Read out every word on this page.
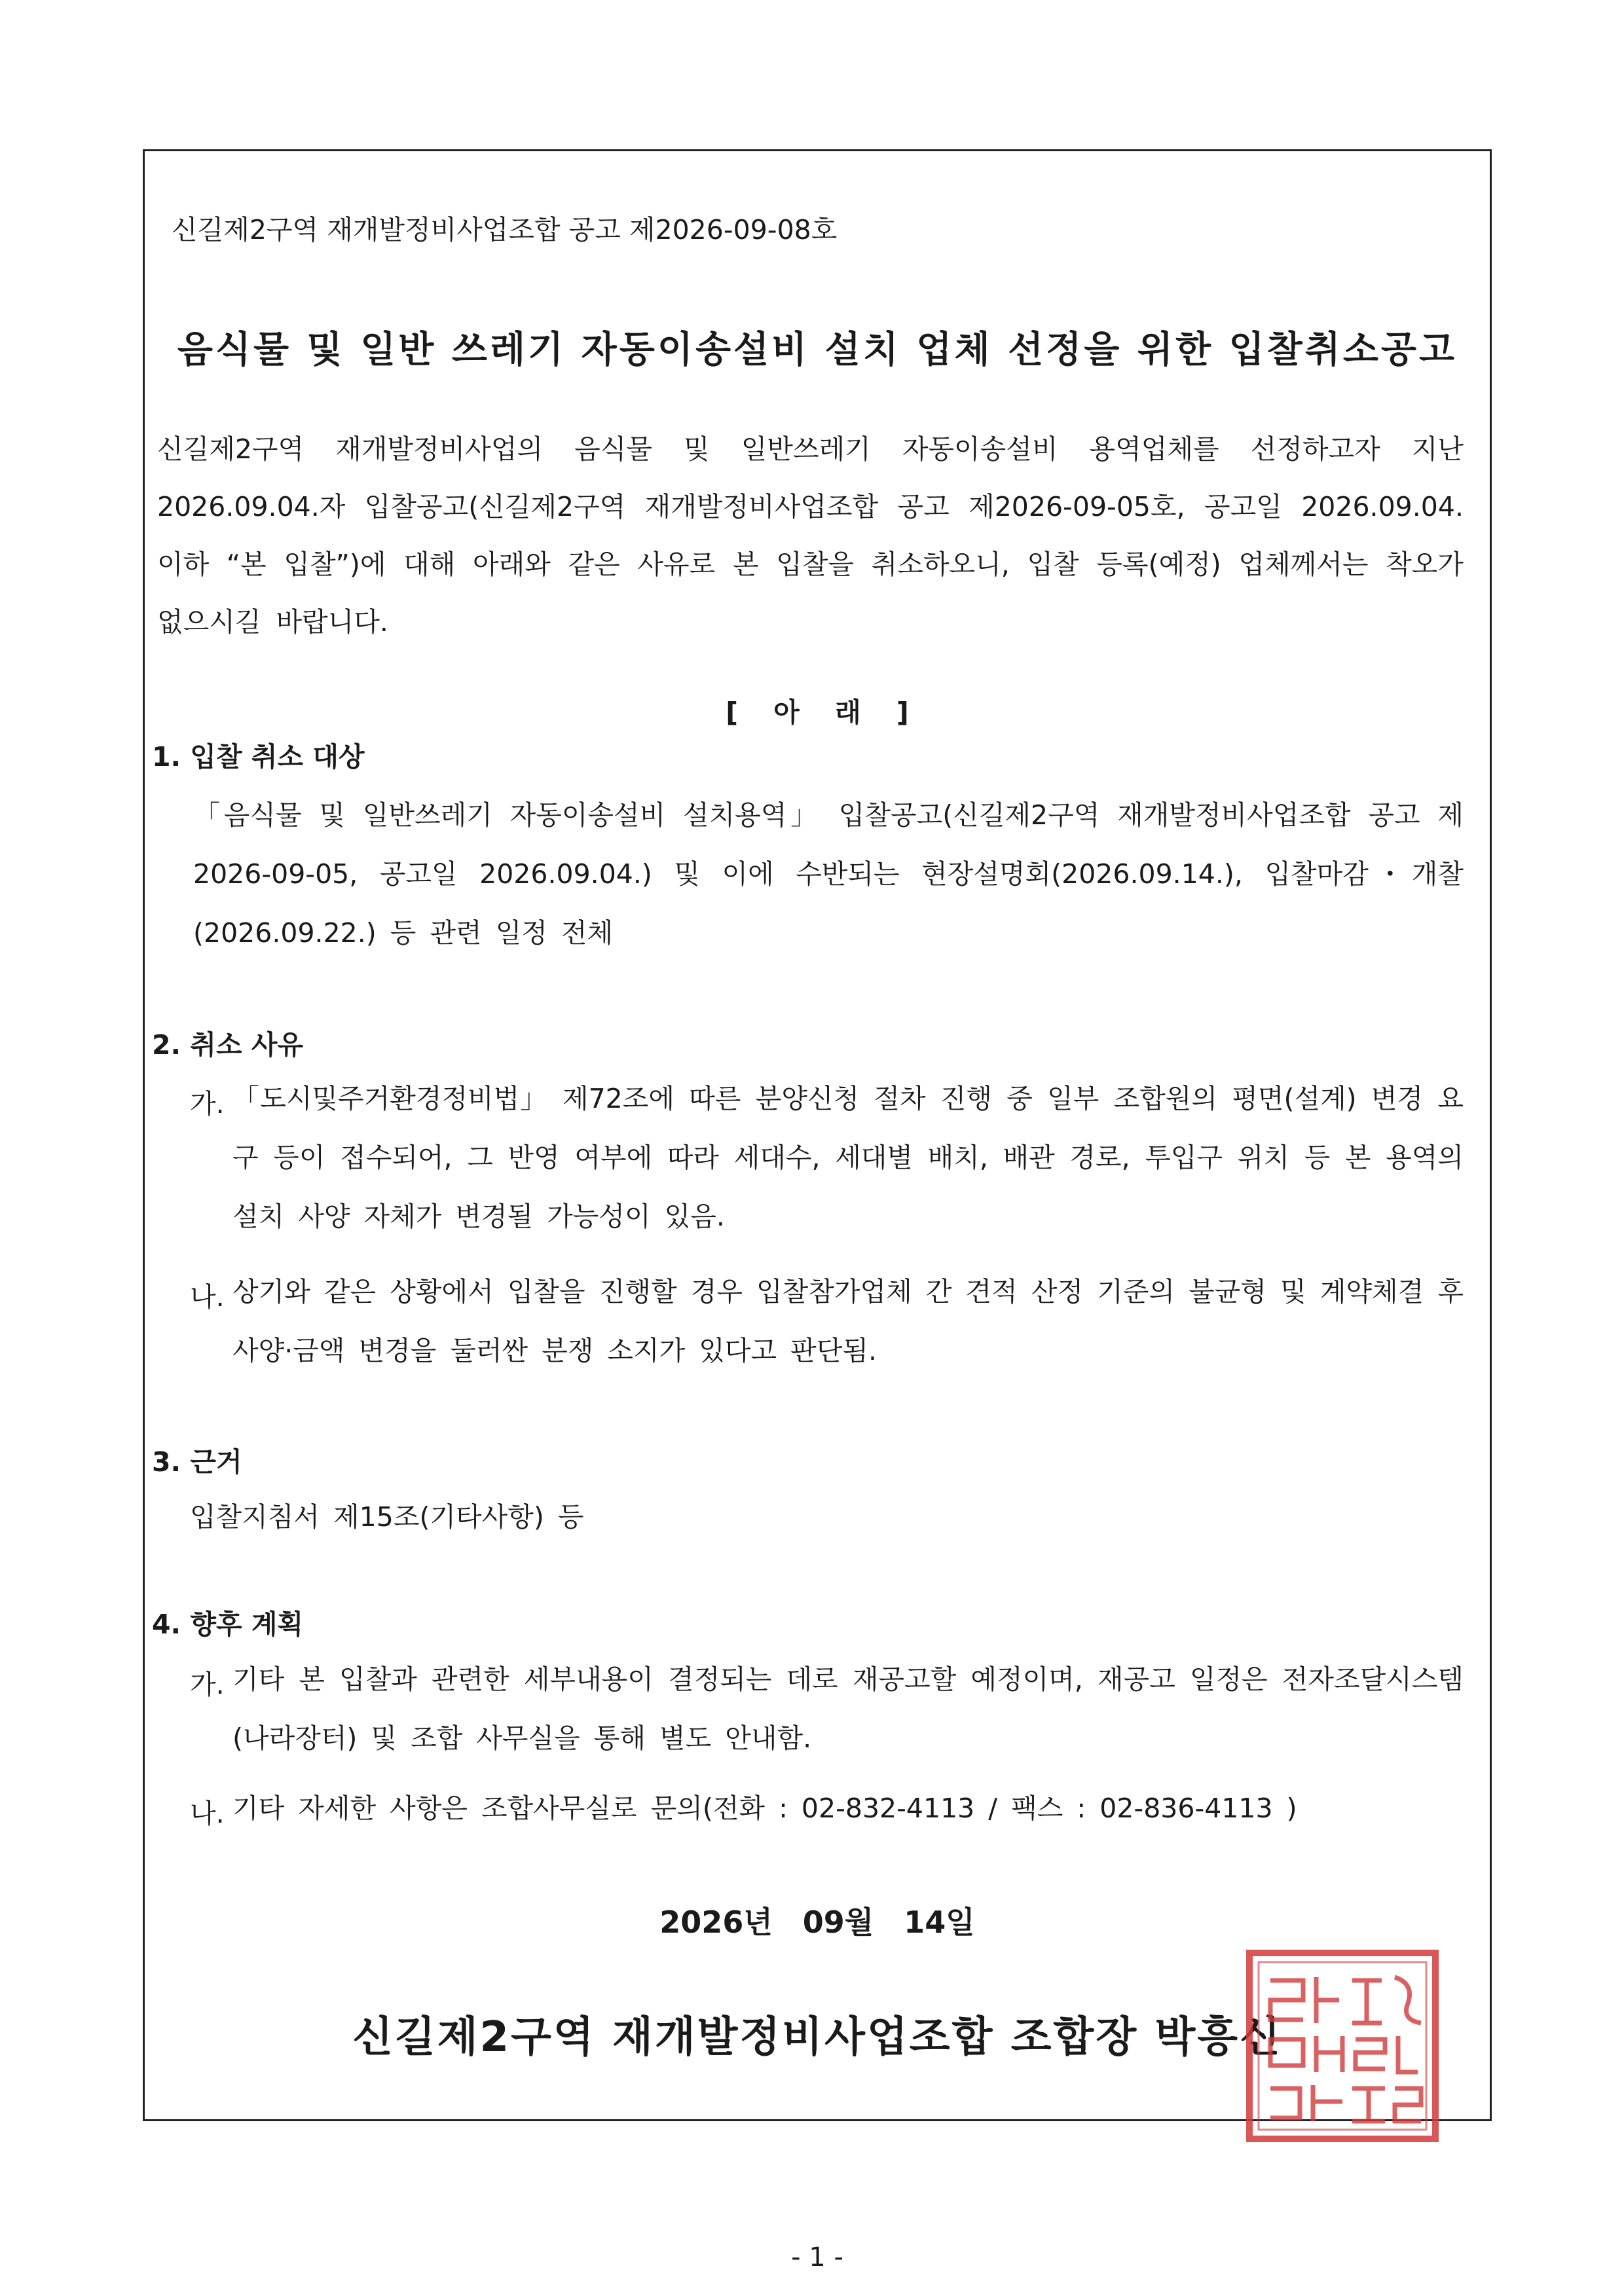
신길제2구역 재개발정비사업조합 공고 제2026-09-08호
음식물 및 일반 쓰레기 자동이송설비 설치 업체 선정을 위한 입찰취소공고
신길제2구역 재개발정비사업의 음식물 및 일반쓰레기 자동이송설비 용역업체를 선정하고자 지난 2026.09.04.자 입찰공고(신길제2구역 재개발정비사업조합 공고 제2026-09-05호, 공고일 2026.09.04. 이하 “본 입찰”)에 대해 아래와 같은 사유로 본 입찰을 취소하오니, 입찰 등록(예정) 업체께서는 착오가 없으시길 바랍니다.
[ 아 래 ]
1. 입찰 취소 대상
「음식물 및 일반쓰레기 자동이송설비 설치용역」 입찰공고(신길제2구역 재개발정비사업조합 공고 제2026-09-05, 공고일 2026.09.04.) 및 이에 수반되는 현장설명회(2026.09.14.), 입찰마감・개찰(2026.09.22.) 등 관련 일정 전체
2. 취소 사유
가. 「도시및주거환경정비법」 제72조에 따른 분양신청 절차 진행 중 일부 조합원의 평면(설계) 변경 요구 등이 접수되어, 그 반영 여부에 따라 세대수, 세대별 배치, 배관 경로, 투입구 위치 등 본 용역의 설치 사양 자체가 변경될 가능성이 있음.
나. 상기와 같은 상황에서 입찰을 진행할 경우 입찰참가업체 간 견적 산정 기준의 불균형 및 계약체결 후 사양·금액 변경을 둘러싼 분쟁 소지가 있다고 판단됨.
3. 근거
입찰지침서 제15조(기타사항) 등
4. 향후 계획
가. 기타 본 입찰과 관련한 세부내용이 결정되는 데로 재공고할 예정이며, 재공고 일정은 전자조달시스템(나라장터) 및 조합 사무실을 통해 별도 안내함.
나. 기타 자세한 사항은 조합사무실로 문의(전화 : 02-832-4113 / 팩스 : 02-836-4113 )
2026년 09월 14일
신길제2구역 재개발정비사업조합 조합장 박흥신
- 1 -
